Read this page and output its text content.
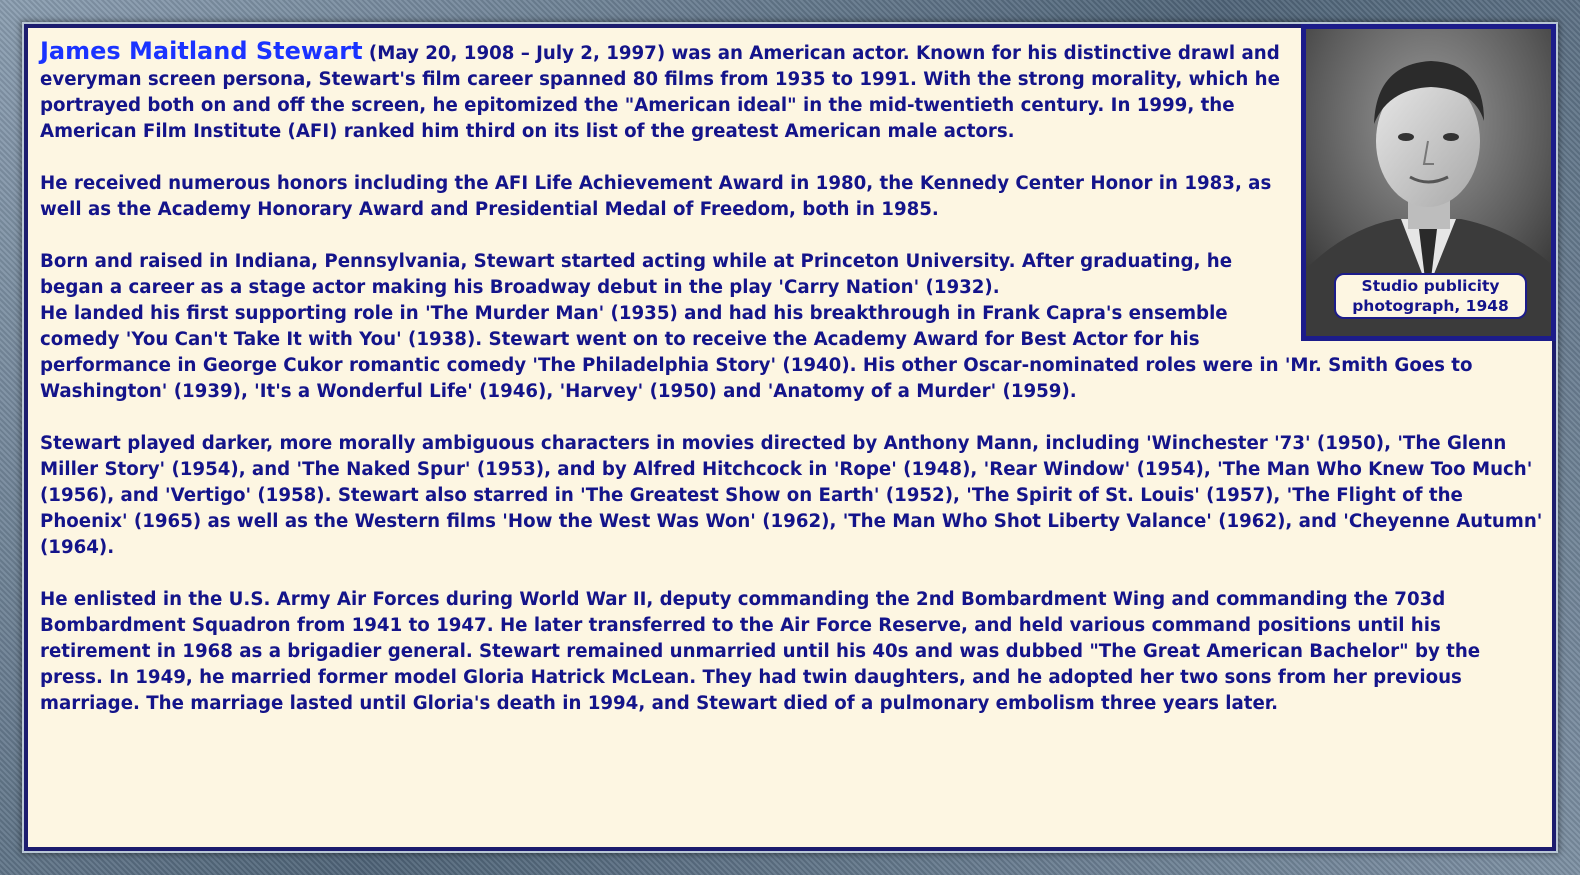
Studio publicity photograph, 1948

James Maitland Stewart (May 20, 1908 – July 2, 1997) was an American actor. Known for his distinctive drawl and everyman screen persona, Stewart's film career spanned 80 films from 1935 to 1991. With the strong morality, which he portrayed both on and off the screen, he epitomized the "American ideal" in the mid-twentieth century. In 1999, the American Film Institute (AFI) ranked him third on its list of the greatest American male actors.

He received numerous honors including the AFI Life Achievement Award in 1980, the Kennedy Center Honor in 1983, as well as the Academy Honorary Award and Presidential Medal of Freedom, both in 1985.

Born and raised in Indiana, Pennsylvania, Stewart started acting while at Princeton University. After graduating, he began a career as a stage actor making his Broadway debut in the play 'Carry Nation' (1932).

He landed his first supporting role in 'The Murder Man' (1935) and had his breakthrough in Frank Capra's ensemble comedy 'You Can't Take It with You' (1938). Stewart went on to receive the Academy Award for Best Actor for his performance in George Cukor romantic comedy 'The Philadelphia Story' (1940). His other Oscar-nominated roles were in 'Mr. Smith Goes to Washington' (1939), 'It's a Wonderful Life' (1946), 'Harvey' (1950) and 'Anatomy of a Murder' (1959).

Stewart played darker, more morally ambiguous characters in movies directed by Anthony Mann, including 'Winchester '73' (1950), 'The Glenn Miller Story' (1954), and 'The Naked Spur' (1953), and by Alfred Hitchcock in 'Rope' (1948), 'Rear Window' (1954), 'The Man Who Knew Too Much' (1956), and 'Vertigo' (1958). Stewart also starred in 'The Greatest Show on Earth' (1952), 'The Spirit of St. Louis' (1957), 'The Flight of the Phoenix' (1965) as well as the Western films 'How the West Was Won' (1962), 'The Man Who Shot Liberty Valance' (1962), and 'Cheyenne Autumn' (1964).

He enlisted in the U.S. Army Air Forces during World War II, deputy commanding the 2nd Bombardment Wing and commanding the 703d Bombardment Squadron from 1941 to 1947. He later transferred to the Air Force Reserve, and held various command positions until his retirement in 1968 as a brigadier general. Stewart remained unmarried until his 40s and was dubbed "The Great American Bachelor" by the press. In 1949, he married former model Gloria Hatrick McLean. They had twin daughters, and he adopted her two sons from her previous marriage. The marriage lasted until Gloria's death in 1994, and Stewart died of a pulmonary embolism three years later.
